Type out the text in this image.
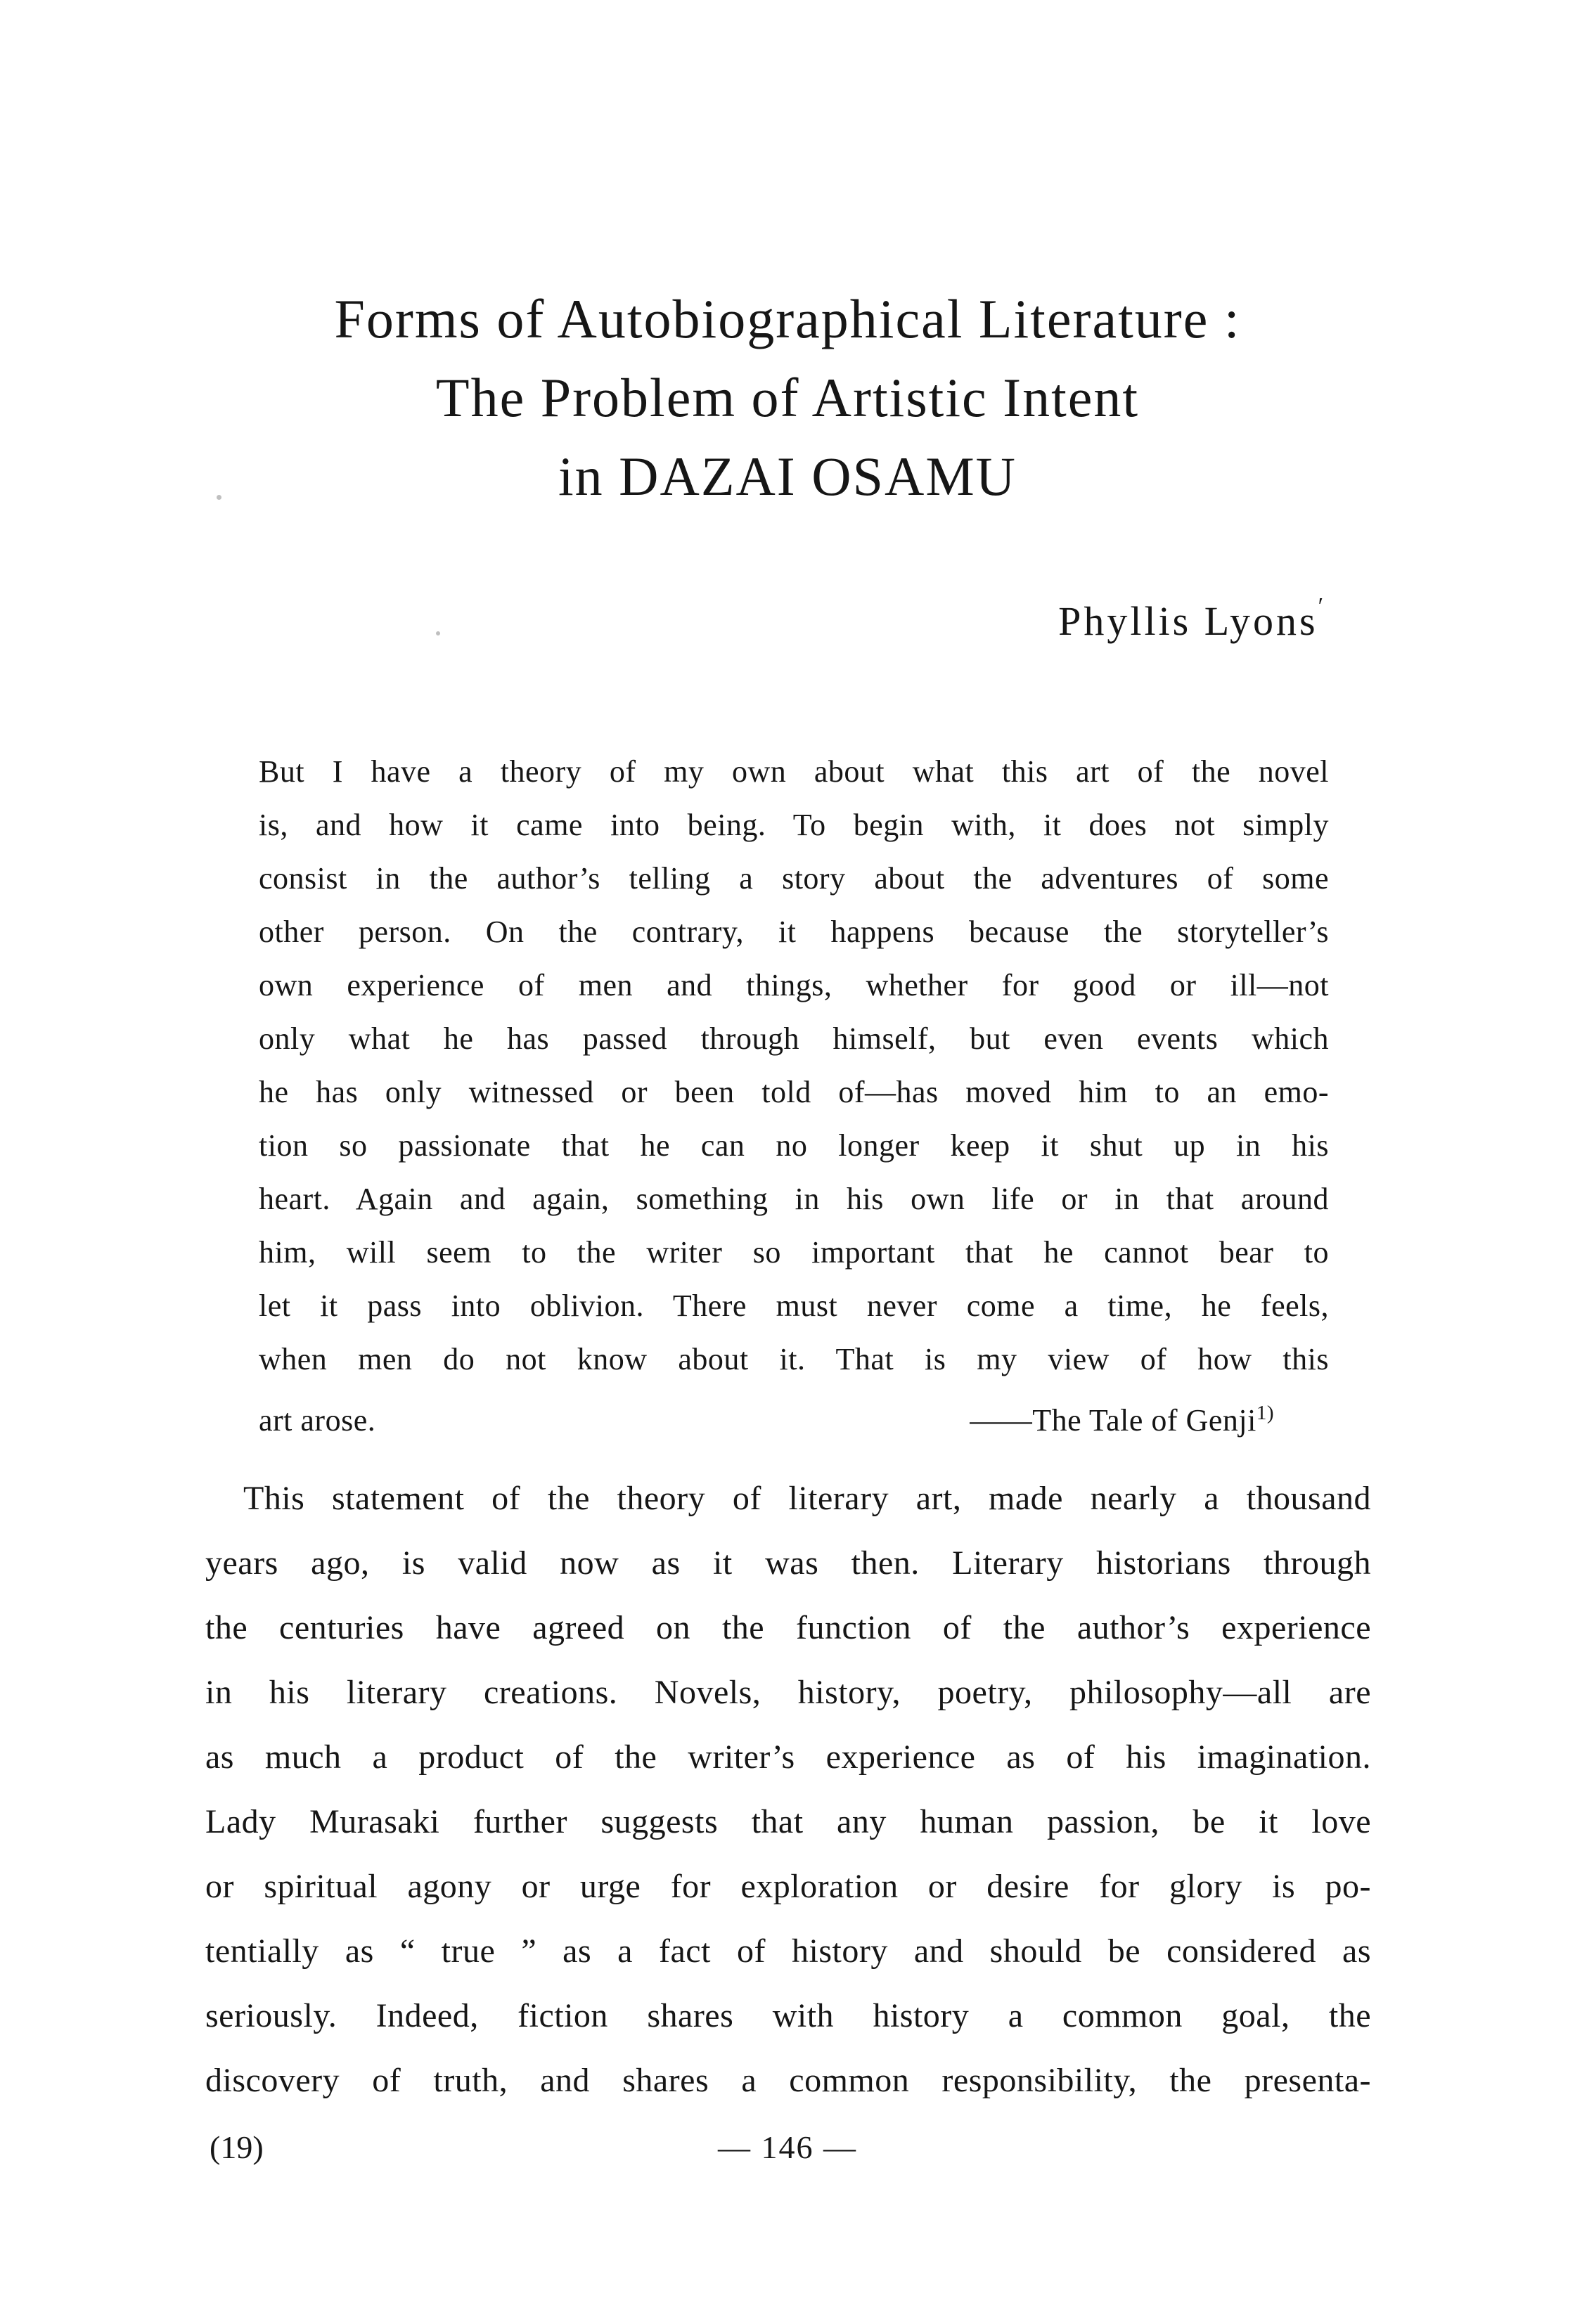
Forms of Autobiographical Literature :
The Problem of Artistic Intent
in DAZAI OSAMU
Phyllis Lyons′
But I have a theory of my own about what this art of the novel
is, and how it came into being. To begin with, it does not simply
consist in the author’s telling a story about the adventures of some
other person. On the contrary, it happens because the storyteller’s
own experience of men and things, whether for good or ill—not
only what he has passed through himself, but even events which
he has only witnessed or been told of—has moved him to an emo-
tion so passionate that he can no longer keep it shut up in his
heart. Again and again, something in his own life or in that around
him, will seem to the writer so important that he cannot bear to
let it pass into oblivion. There must never come a time, he feels,
when men do not know about it. That is my view of how this
art arose.	——The Tale of Genji$^{1)}$
This statement of the theory of literary art, made nearly a thousand
years ago, is valid now as it was then. Literary historians through
the centuries have agreed on the function of the author’s experience
in his literary creations. Novels, history, poetry, philosophy—all are
as much a product of the writer’s experience as of his imagination.
Lady Murasaki further suggests that any human passion, be it love
or spiritual agony or urge for exploration or desire for glory is po-
tentially as “ true ” as a fact of history and should be considered as
seriously. Indeed, fiction shares with history a common goal, the
discovery of truth, and shares a common responsibility, the presenta-
(19)	— 146 —
